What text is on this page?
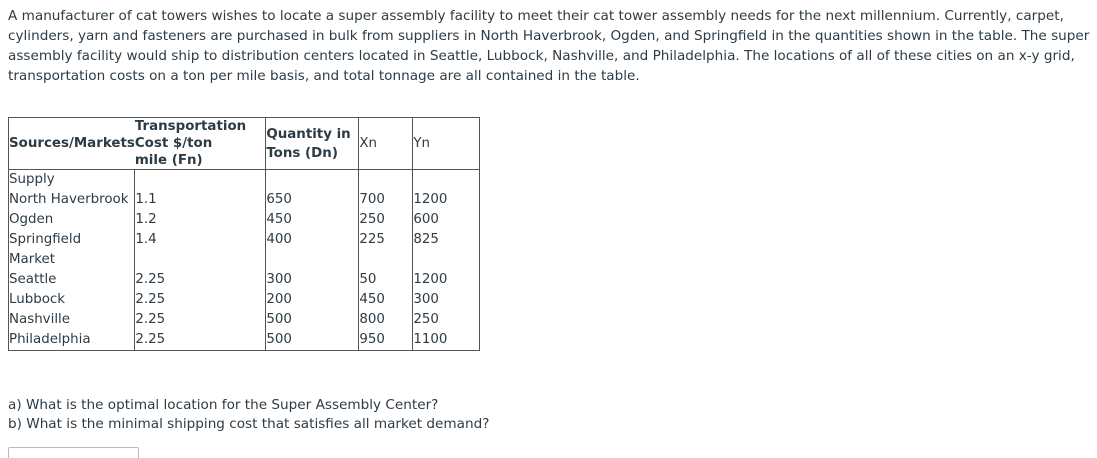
A manufacturer of cat towers wishes to locate a super assembly facility to meet their cat tower assembly needs for the next millennium. Currently, carpet, cylinders, yarn and fasteners are purchased in bulk from suppliers in North Haverbrook, Ogden, and Springfield in the quantities shown in the table. The super assembly facility would ship to distribution centers located in Seattle, Lubbock, Nashville, and Philadelphia. The locations of all of these cities on an x-y grid, transportation costs on a ton per mile basis, and total tonnage are all contained in the table.

Sources/Markets	Transportation Cost $/ton mile (Fn)	Quantity in Tons (Dn)	Xn	Yn
Supply				
North Haverbrook	1.1	650	700	1200
Ogden	1.2	450	250	600
Springfield	1.4	400	225	825
Market				
Seattle	2.25	300	50	1200
Lubbock	2.25	200	450	300
Nashville	2.25	500	800	250
Philadelphia	2.25	500	950	1100
a) What is the optimal location for the Super Assembly Center?
b) What is the minimal shipping cost that satisfies all market demand?
